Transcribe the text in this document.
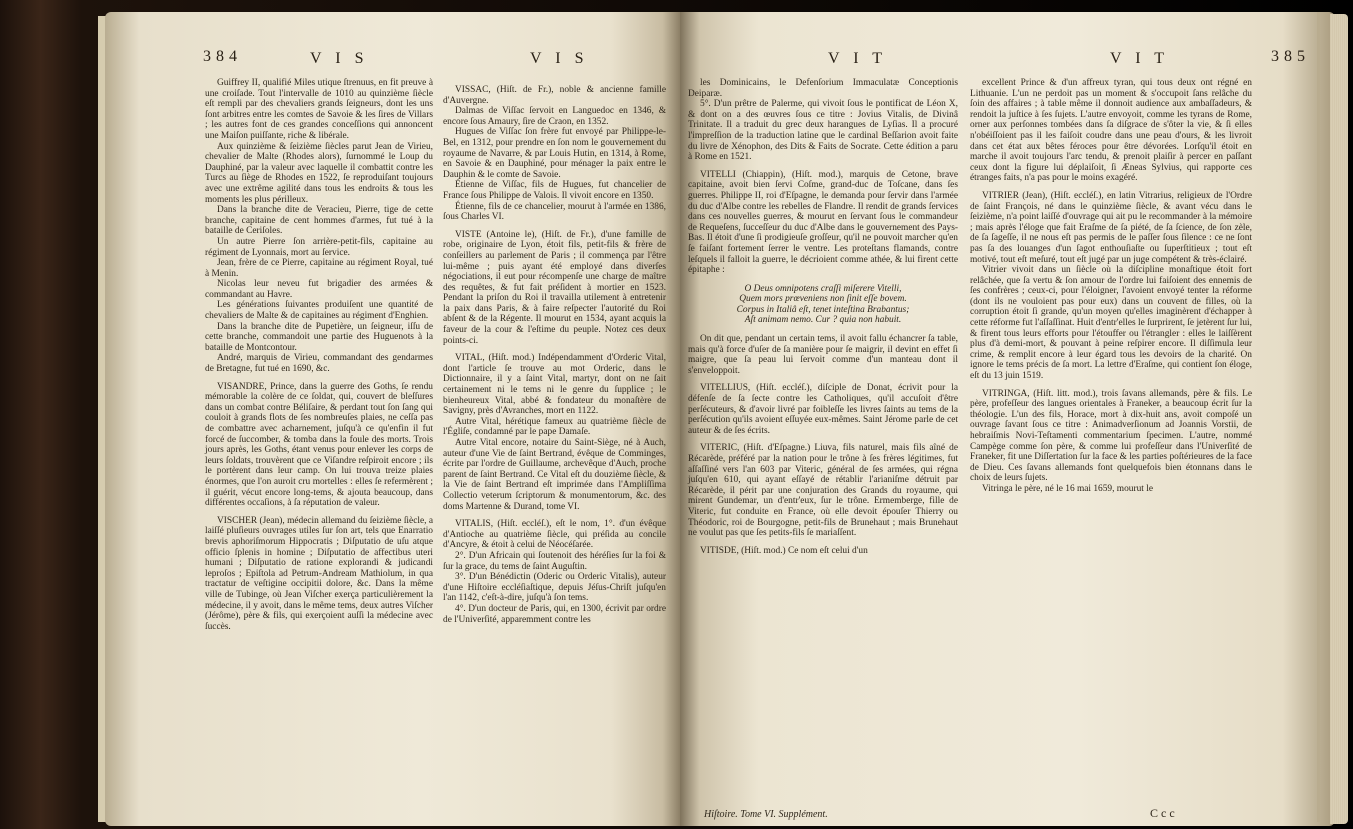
384	V I S	V I S

Guiffrey II, qualifié Miles utique ſtrenuus, en fit preuve à une croiſade. Tout l'intervalle de 1010 au quinzième ſiècle eſt rempli par des chevaliers grands ſeigneurs, dont les uns ſont arbitres entre les comtes de Savoie & les ſires de Villars ; les autres font de ces grandes conceſſions qui annoncent une Maiſon puiſſante, riche & libérale.

Aux quinzième & ſeizième ſiècles parut Jean de Virieu, chevalier de Malte (Rhodes alors), ſurnommé le Loup du Dauphiné, par la valeur avec laquelle il combattit contre les Turcs au ſiège de Rhodes en 1522, ſe reproduiſant toujours avec une extrême agilité dans tous les endroits & tous les moments les plus périlleux.

Dans la branche dite de Veracieu, Pierre, tige de cette branche, capitaine de cent hommes d'armes, fut tué à la bataille de Ceriſoles.

Un autre Pierre ſon arrière-petit-fils, capitaine au régiment de Lyonnais, mort au ſervice.

Jean, frère de ce Pierre, capitaine au régiment Royal, tué à Menin.

Nicolas leur neveu fut brigadier des armées & commandant au Havre.

Les générations ſuivantes produiſent une quantité de chevaliers de Malte & de capitaines au régiment d'Enghien.

Dans la branche dite de Pupetière, un ſeigneur, iſſu de cette branche, commandoit une partie des Huguenots à la bataille de Montcontour.

André, marquis de Virieu, commandant des gendarmes de Bretagne, fut tué en 1690, &c.

VISANDRE, Prince, dans la guerre des Goths, ſe rendu mémorable la colère de ce ſoldat, qui, couvert de bleſſures dans un combat contre Béliſaire, & perdant tout ſon ſang qui couloit à grands flots de ſes nombreuſes plaies, ne ceſſa pas de combattre avec acharnement, juſqu'à ce qu'enfin il fut forcé de ſuccomber, & tomba dans la foule des morts. Trois jours après, les Goths, étant venus pour enlever les corps de leurs ſoldats, trouvèrent que ce Viſandre reſpiroit encore ; ils le portèrent dans leur camp. On lui trouva treize plaies énormes, que l'on auroit cru mortelles : elles ſe refermèrent ; il guérit, vécut encore long-tems, & ajouta beaucoup, dans différentes occaſions, à ſa réputation de valeur.

VISCHER (Jean), médecin allemand du ſeizième ſiècle, a laiſſé pluſieurs ouvrages utiles ſur ſon art, tels que Enarratio brevis aphoriſmorum Hippocratis ; Diſputatio de uſu atque officio ſplenis in homine ; Diſputatio de affectibus uteri humani ; Diſputatio de ratione explorandi & judicandi leproſos ; Epiſtola ad Petrum-Andream Mathiolum, in qua tractatur de veſtigine occipitii dolore, &c. Dans la même ville de Tubinge, où Jean Viſcher exerça particulièrement la médecine, il y avoit, dans le même tems, deux autres Viſcher (Jérôme), père & fils, qui exerçoient auſſi la médecine avec ſuccès.

VISSAC, (Hiſt. de Fr.), noble & ancienne famille d'Auvergne.

Dalmas de Viſſac ſervoit en Languedoc en 1346, & encore ſous Amaury, ſire de Craon, en 1352.

Hugues de Viſſac ſon frère fut envoyé par Philippe-le-Bel, en 1312, pour prendre en ſon nom le gouvernement du royaume de Navarre, & par Louis Hutin, en 1314, à Rome, en Savoie & en Dauphiné, pour ménager la paix entre le Dauphin & le comte de Savoie.

Étienne de Viſſac, fils de Hugues, fut chancelier de France ſous Philippe de Valois. Il vivoit encore en 1350.

Étienne, fils de ce chancelier, mourut à l'armée en 1386, ſous Charles VI.

VISTE (Antoine le), (Hiſt. de Fr.), d'une famille de robe, originaire de Lyon, étoit fils, petit-fils & frère de conſeillers au parlement de Paris ; il commença par l'être lui-même ; puis ayant été employé dans diverſes négociations, il eut pour récompenſe une charge de maître des requêtes, & fut fait préſident à mortier en 1523. Pendant la priſon du Roi il travailla utilement à entretenir la paix dans Paris, & à faire reſpecter l'autorité du Roi abſent & de la Régente. Il mourut en 1534, ayant acquis la faveur de la cour & l'eſtime du peuple. Notez ces deux points-ci.

VITAL, (Hiſt. mod.) Indépendamment d'Orderic Vital, dont l'article ſe trouve au mot Orderic, dans le Dictionnaire, il y a ſaint Vital, martyr, dont on ne ſait certainement ni le tems ni le genre du ſupplice ; le bienheureux Vital, abbé & fondateur du monaſtère de Savigny, près d'Avranches, mort en 1122.

Autre Vital, hérétique fameux au quatrième ſiècle de l'Égliſe, condamné par le pape Damaſe.

Autre Vital encore, notaire du Saint-Siège, né à Auch, auteur d'une Vie de ſaint Bertrand, évêque de Comminges, écrite par l'ordre de Guillaume, archevêque d'Auch, proche parent de ſaint Bertrand. Ce Vital eſt du douzième ſiècle, & la Vie de ſaint Bertrand eſt imprimée dans l'Ampliſſima Collectio veterum ſcriptorum & monumentorum, &c. des doms Martenne & Durand, tome VI.

VITALIS, (Hiſt. eccléſ.), eſt le nom, 1°. d'un évêque d'Antioche au quatrième ſiècle, qui préſida au concile d'Ancyre, & étoit à celui de Néocéſarée.

2°. D'un Africain qui ſoutenoit des héréſies ſur la foi & ſur la grace, du tems de ſaint Auguſtin.

3°. D'un Bénédictin (Oderic ou Orderic Vitalis), auteur d'une Hiſtoire eccléſiaſtique, depuis Jéſus-Chriſt juſqu'en l'an 1142, c'eſt-à-dire, juſqu'à ſon tems.

4°. D'un docteur de Paris, qui, en 1300, écrivit par ordre de l'Univerſité, apparemment contre les

V I T	V I T	385

les Dominicains, le Defenſorium Immaculatæ Conceptionis Deiparæ.

5°. D'un prêtre de Palerme, qui vivoit ſous le pontificat de Léon X, & dont on a des œuvres ſous ce titre : Jovius Vitalis, de Divinâ Trinitate. Il a traduit du grec deux harangues de Lyſias. Il a procuré l'impreſſion de la traduction latine que le cardinal Beſſarion avoit faite du livre de Xénophon, des Dits & Faits de Socrate. Cette édition a paru à Rome en 1521.

VITELLI (Chiappin), (Hiſt. mod.), marquis de Cetone, brave capitaine, avoit bien ſervi Coſme, grand-duc de Toſcane, dans ſes guerres. Philippe II, roi d'Eſpagne, le demanda pour ſervir dans l'armée du duc d'Albe contre les rebelles de Flandre. Il rendit de grands ſervices dans ces nouvelles guerres, & mourut en ſervant ſous le commandeur de Requeſens, ſucceſſeur du duc d'Albe dans le gouvernement des Pays-Bas. Il étoit d'une ſi prodigieuſe groſſeur, qu'il ne pouvoit marcher qu'en ſe faiſant fortement ſerrer le ventre. Les proteſtans flamands, contre leſquels il falloit la guerre, le décrioient comme athée, & lui firent cette épitaphe :

O Deus omnipotens craſſi miſerere Vitelli,
Quem mors prœveniens non ſinit eſſe bovem.
Corpus in Italiâ eſt, tenet inteſtina Brabantus;
Aſt animam nemo. Cur ? quia non habuit.

On dit que, pendant un certain tems, il avoit fallu échancrer ſa table, mais qu'à force d'uſer de ſa manière pour ſe maigrir, il devint en effet ſi maigre, que ſa peau lui ſervoit comme d'un manteau dont il s'enveloppoit.

VITELLIUS, (Hiſt. eccléſ.), diſciple de Donat, écrivit pour la défenſe de ſa ſecte contre les Catholiques, qu'il accuſoit d'être perſécuteurs, & d'avoir livré par foibleſſe les livres ſaints au tems de la perſécution qu'ils avoient eſſuyée eux-mêmes. Saint Jérome parle de cet auteur & de ſes écrits.

VITERIC, (Hiſt. d'Eſpagne.) Liuva, fils naturel, mais fils aîné de Récarède, préféré par la nation pour le trône à ſes frères légitimes, fut aſſaſſiné vers l'an 603 par Viteric, général de ſes armées, qui régna juſqu'en 610, qui ayant eſſayé de rétablir l'arianiſme détruit par Récarède, il périt par une conjuration des Grands du royaume, qui mirent Gundemar, un d'entr'eux, ſur le trône. Ermemberge, fille de Viteric, fut conduite en France, où elle devoit épouſer Thierry ou Théodoric, roi de Bourgogne, petit-fils de Brunehaut ; mais Brunehaut ne voulut pas que ſes petits-fils ſe mariaſſent.

VITISDE, (Hiſt. mod.) Ce nom eſt celui d'un

excellent Prince & d'un affreux tyran, qui tous deux ont régné en Lithuanie. L'un ne perdoit pas un moment & s'occupoit ſans relâche du ſoin des affaires ; à table même il donnoit audience aux ambaſſadeurs, & rendoit la juſtice à ſes ſujets. L'autre envoyoit, comme les tyrans de Rome, orner aux perſonnes tombées dans ſa diſgrace de s'ôter la vie, & ſi elles n'obéiſſoient pas il les faiſoit coudre dans une peau d'ours, & les livroit dans cet état aux bêtes féroces pour être dévorées. Lorſqu'il étoit en marche il avoit toujours l'arc tendu, & prenoit plaiſir à percer en paſſant ceux dont la figure lui déplaiſoit, ſi Æneas Sylvius, qui rapporte ces étranges faits, n'a pas pour le moins exagéré.

VITRIER (Jean), (Hiſt. eccléſ.), en latin Vitrarius, religieux de l'Ordre de ſaint François, né dans le quinzième ſiècle, & avant vécu dans le ſeizième, n'a point laiſſé d'ouvrage qui ait pu le recommander à la mémoire ; mais après l'éloge que fait Eraſme de ſa piété, de ſa ſcience, de ſon zèle, de ſa ſageſſe, il ne nous eſt pas permis de le paſſer ſous ſilence : ce ne ſont pas ſa des louanges d'un ſagot enthouſiaſte ou ſuperſtitieux ; tout eſt motivé, tout eſt meſuré, tout eſt jugé par un juge compétent & très-éclairé.

Vitrier vivoit dans un ſiècle où la diſcipline monaſtique étoit fort relâchée, que ſa vertu & ſon amour de l'ordre lui faiſoient des ennemis de ſes confrères ; ceux-ci, pour l'éloigner, l'avoient envoyé tenter la réforme (dont ils ne vouloient pas pour eux) dans un couvent de filles, où la corruption étoit ſi grande, qu'un moyen qu'elles imaginèrent d'échapper à cette réforme fut l'aſſaſſinat. Huit d'entr'elles le ſurprirent, ſe jetèrent ſur lui, & firent tous leurs efforts pour l'étouffer ou l'étrangler : elles le laiſſèrent plus d'à demi-mort, & pouvant à peine reſpirer encore. Il diſſimula leur crime, & remplit encore à leur égard tous les devoirs de la charité. On ignore le tems précis de ſa mort. La lettre d'Eraſme, qui contient ſon éloge, eſt du 13 juin 1519.

VITRINGA, (Hiſt. litt. mod.), trois ſavans allemands, père & fils. Le père, profeſſeur des langues orientales à Franeker, a beaucoup écrit ſur la théologie. L'un des fils, Horace, mort à dix-huit ans, avoit compoſé un ouvrage ſavant ſous ce titre : Animadverſionum ad Joannis Vorstii, de hebraiſmis Novi-Teſtamenti commentarium ſpecimen. L'autre, nommé Campège comme ſon père, & comme lui profeſſeur dans l'Univerſité de Franeker, fit une Diſſertation ſur la face & les parties poſtérieures de la face de Dieu. Ces ſavans allemands font quelquefois bien étonnans dans le choix de leurs ſujets.

Vitringa le père, né le 16 mai 1659, mourut le

Hiſtoire. Tome VI. Supplément.	C c c
